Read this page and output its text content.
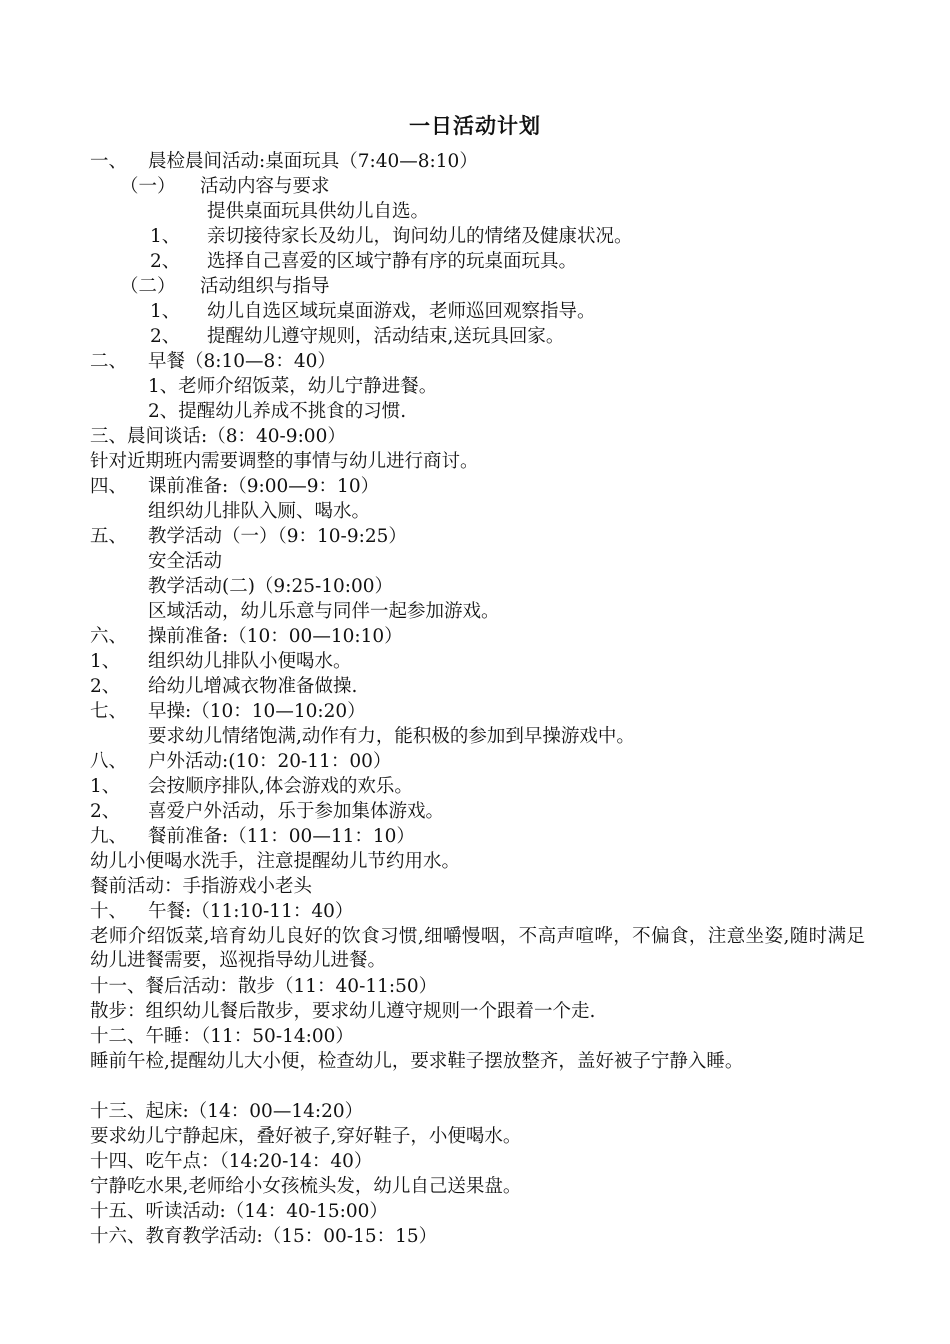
一日活动计划
一、 晨检晨间活动:桌面玩具（7:40—8:10）
（一） 活动内容与要求
提供桌面玩具供幼儿自选。
1、 亲切接待家长及幼儿，询问幼儿的情绪及健康状况。
2、 选择自己喜爱的区域宁静有序的玩桌面玩具。
（二） 活动组织与指导
1、 幼儿自选区域玩桌面游戏，老师巡回观察指导。
2、 提醒幼儿遵守规则，活动结束,送玩具回家。
二、 早餐（8:10—8：40）
1、老师介绍饭菜，幼儿宁静进餐。
2、提醒幼儿养成不挑食的习惯.
三、晨间谈话:（8：40-9:00）
针对近期班内需要调整的事情与幼儿进行商讨。
四、 课前准备:（9:00—9：10）
组织幼儿排队入厕、喝水。
五、 教学活动（一）（9：10-9:25）
安全活动
教学活动(二)（9:25-10:00）
区域活动，幼儿乐意与同伴一起参加游戏。
六、 操前准备:（10：00—10:10）
1、 组织幼儿排队小便喝水。
2、 给幼儿增减衣物准备做操.
七、 早操:（10：10—10:20）
要求幼儿情绪饱满,动作有力，能积极的参加到早操游戏中。
八、 户外活动:(10：20-11：00）
1、 会按顺序排队,体会游戏的欢乐。
2、 喜爱户外活动，乐于参加集体游戏。
九、 餐前准备:（11：00—11：10）
幼儿小便喝水洗手，注意提醒幼儿节约用水。
餐前活动：手指游戏小老头
十、 午餐:（11:10-11：40）
老师介绍饭菜,培育幼儿良好的饮食习惯,细嚼慢咽，不高声喧哗，不偏食，注意坐姿,随时满足幼儿进餐需要，巡视指导幼儿进餐。
十一、餐后活动：散步（11：40-11:50）
散步：组织幼儿餐后散步，要求幼儿遵守规则一个跟着一个走.
十二、午睡：（11：50-14:00）
睡前午检,提醒幼儿大小便，检查幼儿，要求鞋子摆放整齐，盖好被子宁静入睡。
十三、起床:（14：00—14:20）
要求幼儿宁静起床，叠好被子,穿好鞋子，小便喝水。
十四、吃午点：（14:20-14：40）
宁静吃水果,老师给小女孩梳头发，幼儿自己送果盘。
十五、听读活动:（14：40-15:00）
十六、教育教学活动:（15：00-15：15）
